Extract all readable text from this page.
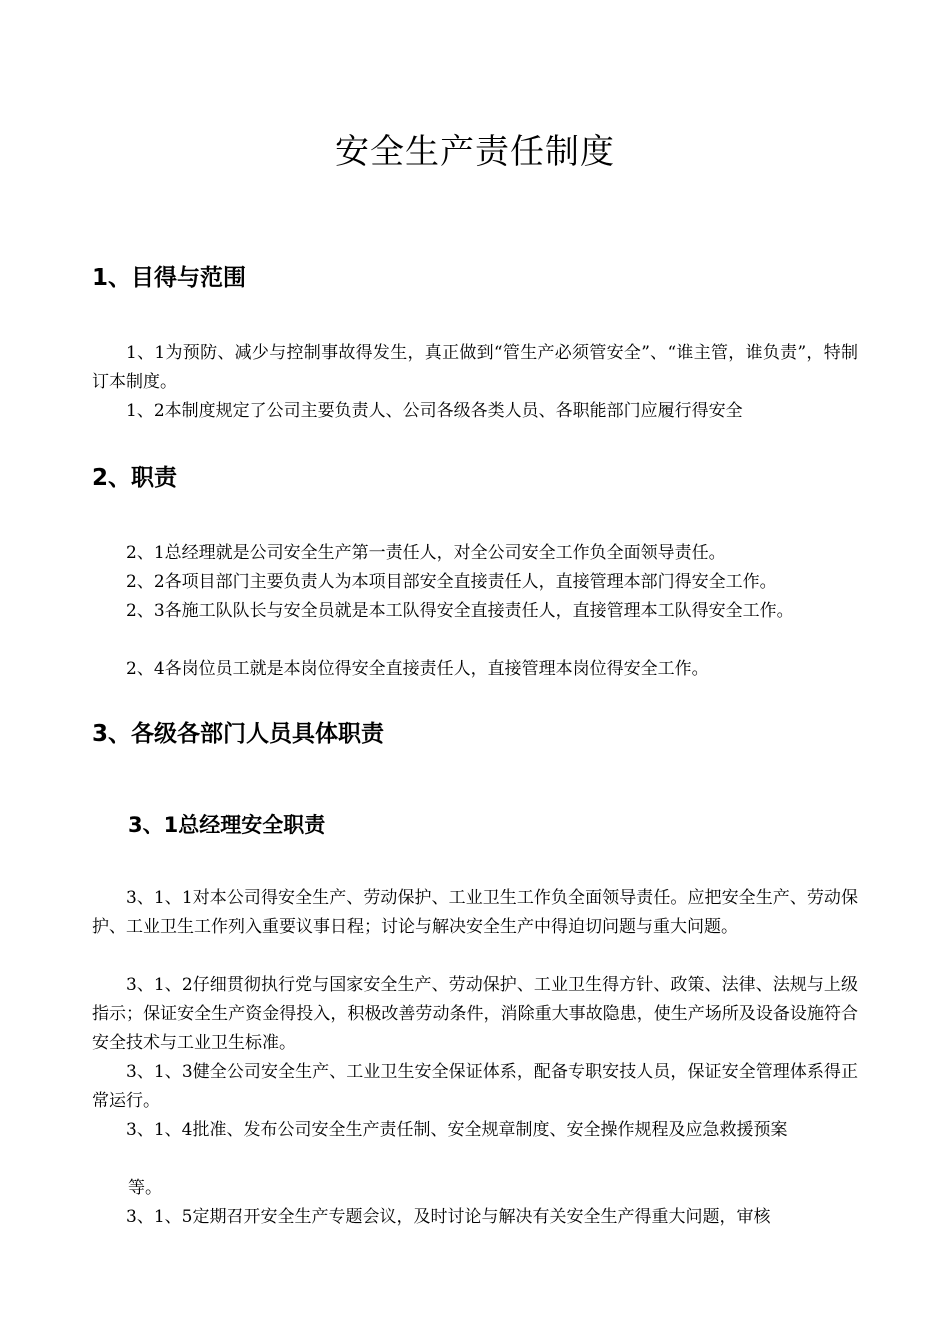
安全生产责任制度
1、目得与范围
1、1为预防、减少与控制事故得发生，真正做到“管生产必须管安全”、“谁主管，谁负责”，特制订本制度。
1、2本制度规定了公司主要负责人、公司各级各类人员、各职能部门应履行得安全
2、职责
2、1总经理就是公司安全生产第一责任人，对全公司安全工作负全面领导责任。
2、2各项目部门主要负责人为本项目部安全直接责任人，直接管理本部门得安全工作。
2、3各施工队队长与安全员就是本工队得安全直接责任人，直接管理本工队得安全工作。
2、4各岗位员工就是本岗位得安全直接责任人，直接管理本岗位得安全工作。
3、各级各部门人员具体职责
3、1总经理安全职责
3、1、1对本公司得安全生产、劳动保护、工业卫生工作负全面领导责任。应把安全生产、劳动保护、工业卫生工作列入重要议事日程；讨论与解决安全生产中得迫切问题与重大问题。
3、1、2仔细贯彻执行党与国家安全生产、劳动保护、工业卫生得方针、政策、法律、法规与上级指示；保证安全生产资金得投入，积极改善劳动条件，消除重大事故隐患，使生产场所及设备设施符合安全技术与工业卫生标准。
3、1、3健全公司安全生产、工业卫生安全保证体系，配备专职安技人员，保证安全管理体系得正常运行。
3、1、4批准、发布公司安全生产责任制、安全规章制度、安全操作规程及应急救援预案
等。
3、1、5定期召开安全生产专题会议，及时讨论与解决有关安全生产得重大问题，审核
